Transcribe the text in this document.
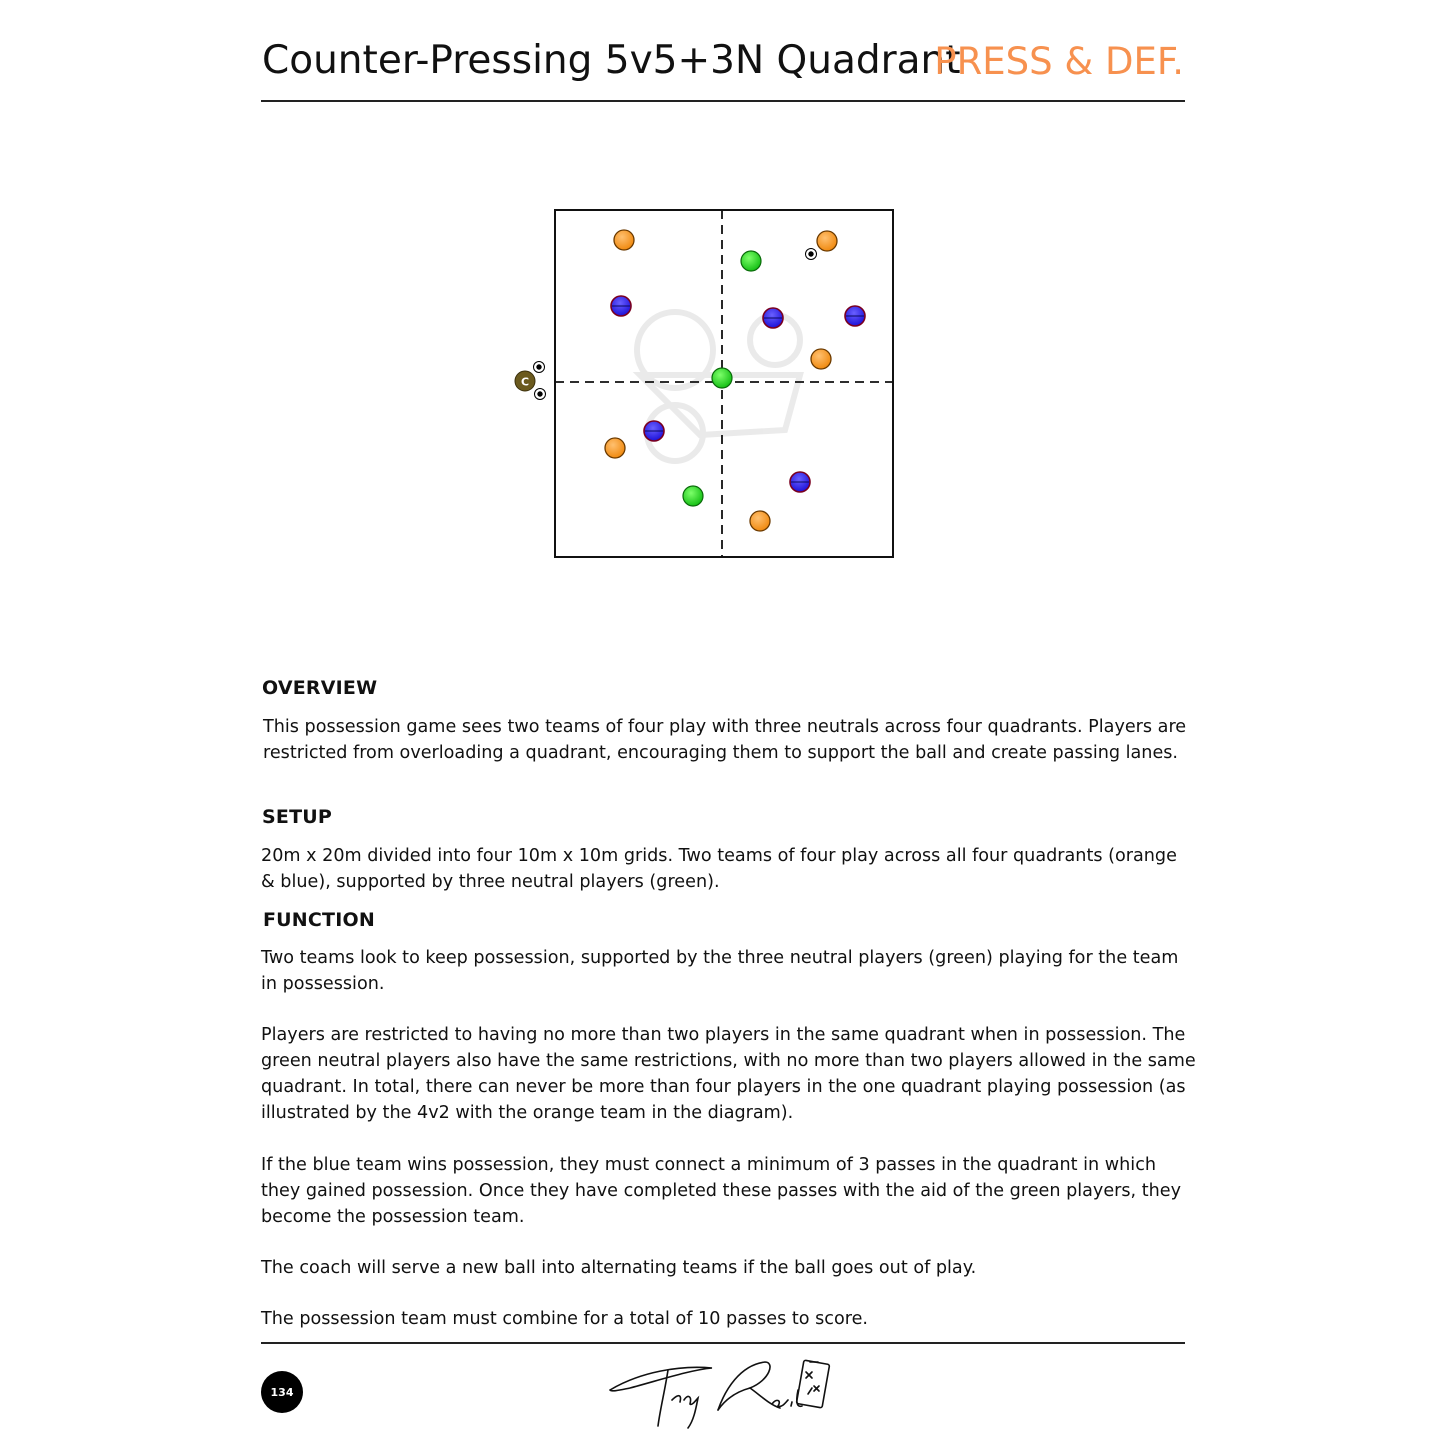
Counter-Pressing 5v5+3N Quadrant
PRESS & DEF.
C
OVERVIEW
This possession game sees two teams of four play with three neutrals across four quadrants. Players are restricted from overloading a quadrant, encouraging them to support the ball and create passing lanes.
SETUP
20m x 20m divided into four 10m x 10m grids. Two teams of four play across all four quadrants (orange & blue), supported by three neutral players (green).
FUNCTION
Two teams look to keep possession, supported by the three neutral players (green) playing for the team in possession.
Players are restricted to having no more than two players in the same quadrant when in possession. The green neutral players also have the same restrictions, with no more than two players allowed in the same quadrant. In total, there can never be more than four players in the one quadrant playing possession (as illustrated by the 4v2 with the orange team in the diagram).
If the blue team wins possession, they must connect a minimum of 3 passes in the quadrant in which they gained possession. Once they have completed these passes with the aid of the green players, they become the possession team.
The coach will serve a new ball into alternating teams if the ball goes out of play.
The possession team must combine for a total of 10 passes to score.
134
